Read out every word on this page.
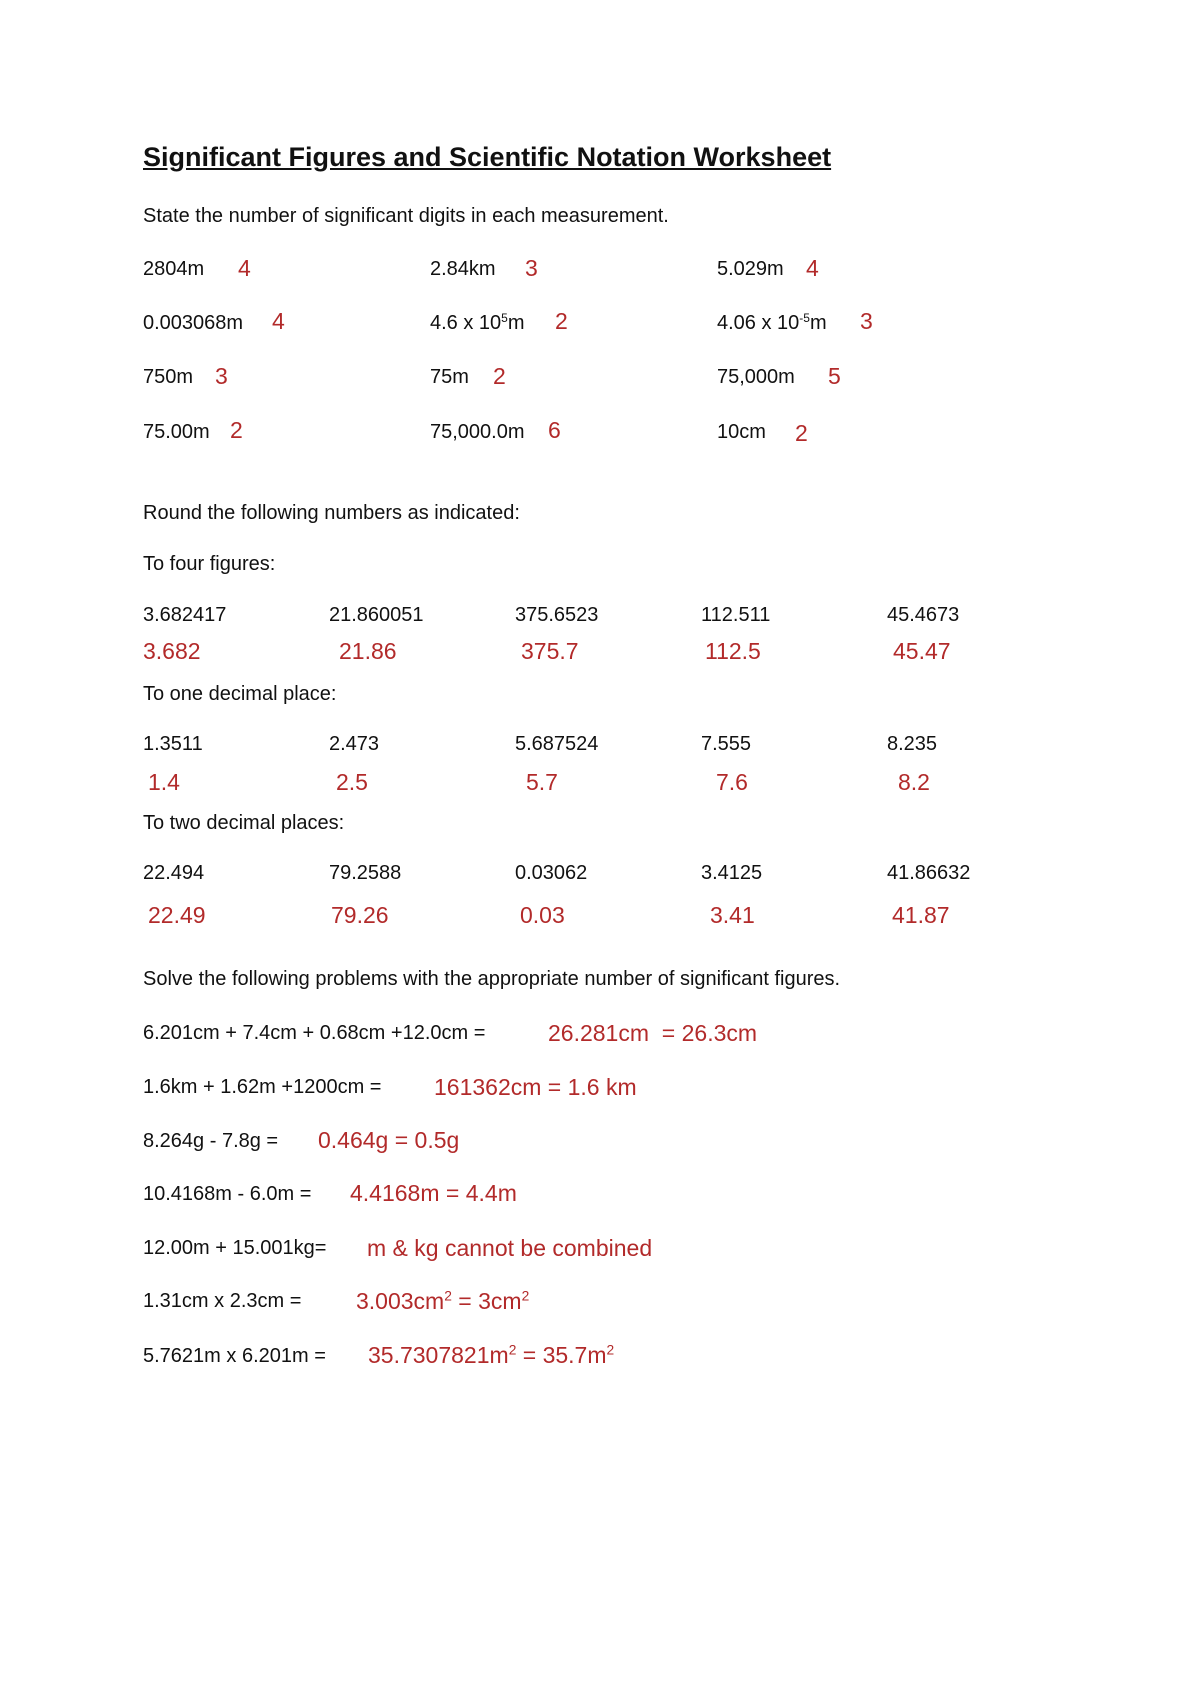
Significant Figures and Scientific Notation Worksheet
State the number of significant digits in each measurement.
2804m 4	2.84km 3	5.029m 4
0.003068m 4	4.6 x $10^5m$ 2	4.06 x $10^{-5}m$ 3
750m 3	75m 2	75,000m 5
75.00m 2	75,000.0m 6	10cm 2
Round the following numbers as indicated:
To four figures:
3.682417	21.860051	375.6523	112.511	45.4673
3.682	21.86	375.7	112.5	45.47
To one decimal place:
1.3511	2.473	5.687524	7.555	8.235
1.4	2.5	5.7	7.6	8.2
To two decimal places:
22.494	79.2588	0.03062	3.4125	41.86632
22.49	79.26	0.03	3.41	41.87
Solve the following problems with the appropriate number of significant figures.
6.201cm + 7.4cm + 0.68cm +12.0cm =	26.281cm  = 26.3cm
1.6km + 1.62m +1200cm = 161362cm = 1.6 km
8.264g - 7.8g = 0.464g = 0.5g
10.4168m - 6.0m = 4.4168m = 4.4m
12.00m + 15.001kg= m & kg cannot be combined
1.31cm x $2.3cm = 3.003cm^2 = 3cm^2$
5.7621m x $6.201m = 35.7307821m^2 = 35.7m^2$
